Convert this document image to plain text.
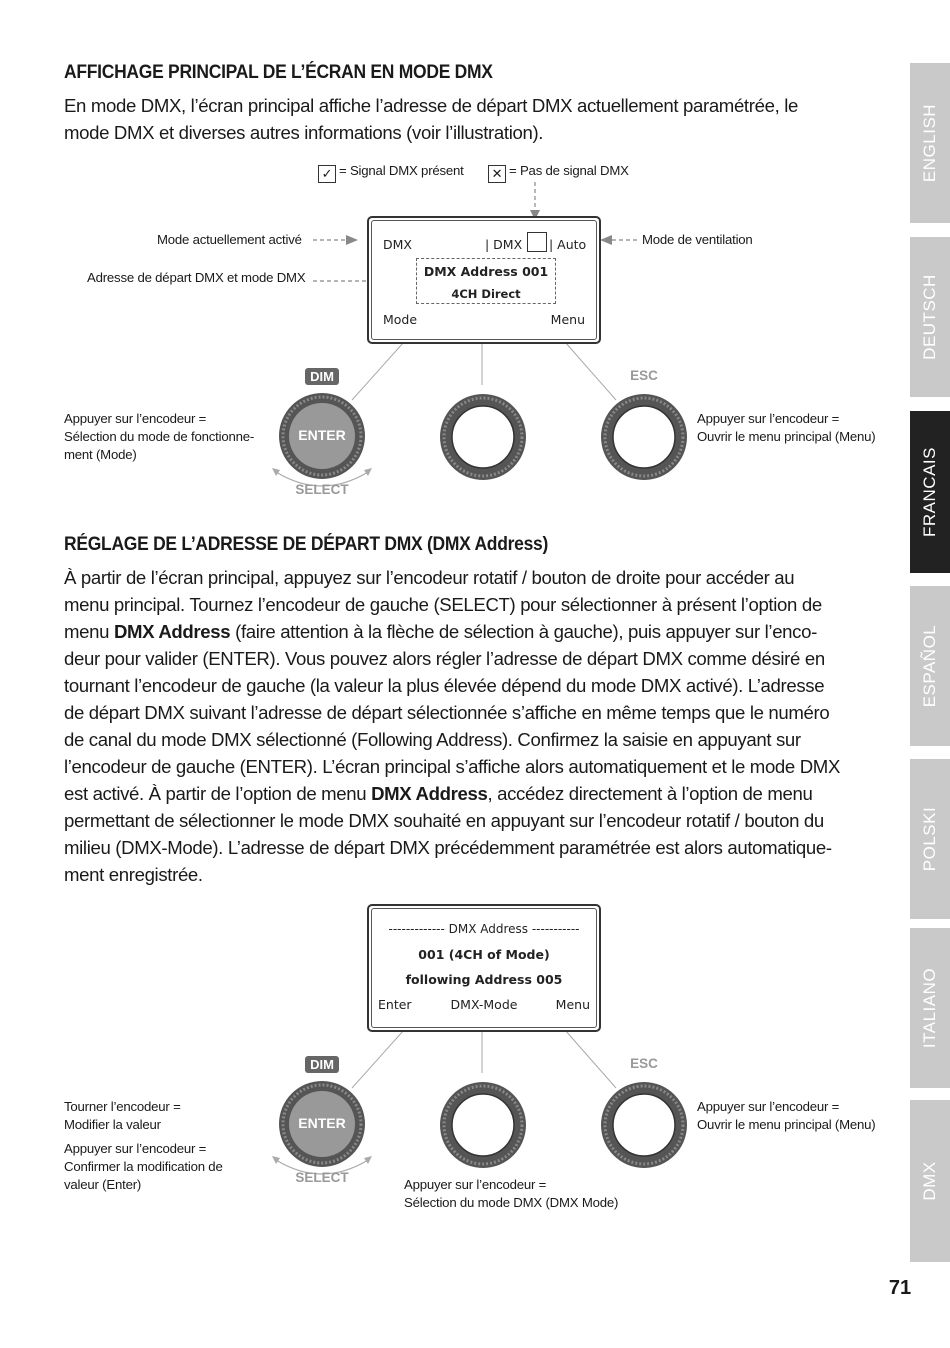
ENGLISH
DEUTSCH
FRANCAIS
ESPAÑOL
POLSKI
ITALIANO
DMX
AFFICHAGE PRINCIPAL DE L’ÉCRAN EN MODE DMX
En mode DMX, l’écran principal affiche l’adresse de départ DMX actuellement paramétrée, le
mode DMX et diverses autres informations (voir l’illustration).
✓ = Signal DMX présent ✕ = Pas de signal DMX
Mode actuellement activé
Adresse de départ DMX et mode DMX
Mode de ventilation
DMX	| DMX | Auto
DMX Address 001
4CH Direct
Mode	Menu
DIM
ENTER
SELECT
ESC
Appuyer sur l’encodeur =
Sélection du mode de fonctionne-
ment (Mode)
Appuyer sur l’encodeur =
Ouvrir le menu principal (Menu)
RÉGLAGE DE L’ADRESSE DE DÉPART DMX (DMX Address)
À partir de l’écran principal, appuyez sur l’encodeur rotatif / bouton de droite pour accéder au
menu principal. Tournez l’encodeur de gauche (SELECT) pour sélectionner à présent l’option de
menu DMX Address (faire attention à la flèche de sélection à gauche), puis appuyer sur l’enco-
deur pour valider (ENTER). Vous pouvez alors régler l’adresse de départ DMX comme désiré en
tournant l’encodeur de gauche (la valeur la plus élevée dépend du mode DMX activé). L’adresse
de départ DMX suivant l’adresse de départ sélectionnée s’affiche en même temps que le numéro
de canal du mode DMX sélectionné (Following Address). Confirmez la saisie en appuyant sur
l’encodeur de gauche (ENTER). L’écran principal s’affiche alors automatiquement et le mode DMX
est activé. À partir de l’option de menu DMX Address, accédez directement à l’option de menu
permettant de sélectionner le mode DMX souhaité en appuyant sur l’encodeur rotatif / bouton du
milieu (DMX-Mode). L’adresse de départ DMX précédemment paramétrée est alors automatique-
ment enregistrée.
------------- DMX Address -----------
001 (4CH of Mode)
following Address 005
Enter	DMX-Mode	Menu
DIM
ENTER
SELECT
ESC
Tourner l’encodeur =
Modifier la valeur
Appuyer sur l’encodeur =
Confirmer la modification de
valeur (Enter)	Appuyer sur l’encodeur =
Sélection du mode DMX (DMX Mode)
Appuyer sur l’encodeur =
Ouvrir le menu principal (Menu)
71
